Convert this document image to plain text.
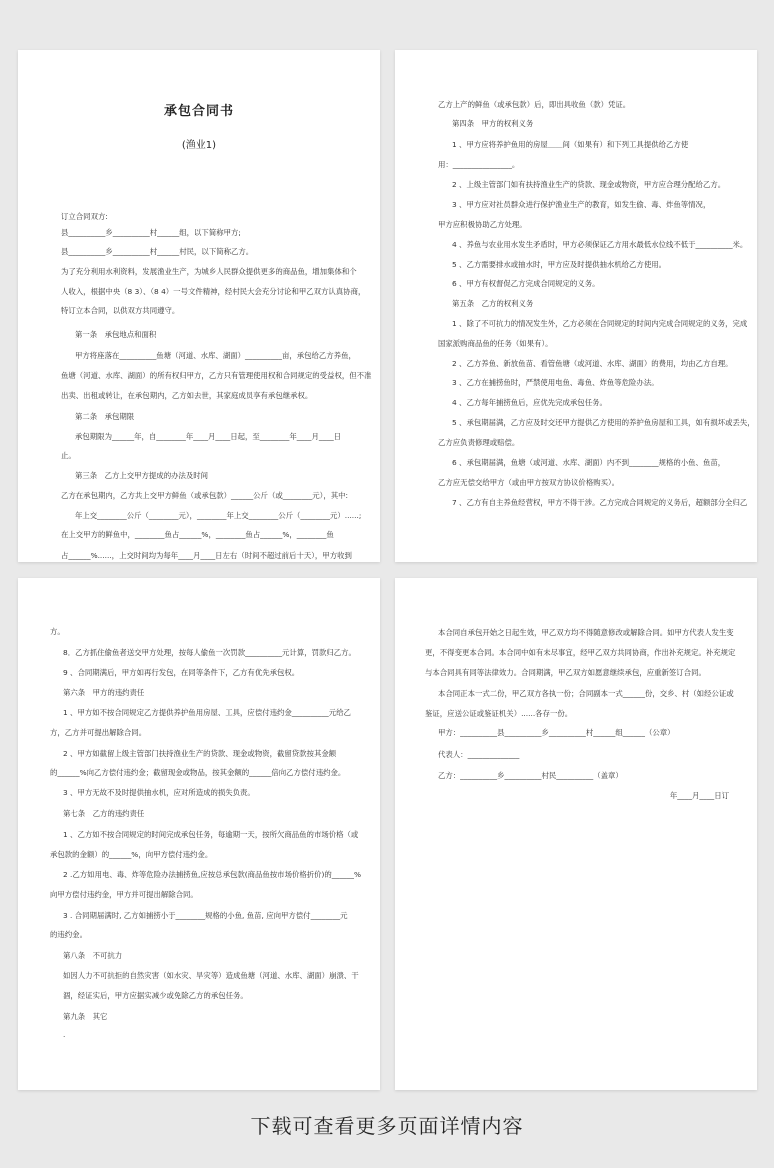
承包合同书
(渔业1)
订立合同双方:
县__________乡__________村______组，以下简称甲方;
县__________乡__________村______村民，以下简称乙方。
为了充分利用水利资料，发展渔业生产，为城乡人民群众提供更多的商品鱼，增加集体和个
人收入，根据中央（8 3）、（8 4）一号文件精神，经村民大会充分讨论和甲乙双方认真协商，
特订立本合同，以供双方共同遵守。
第一条　承包地点和面积
甲方将座落在__________鱼塘（河道、水库、湖面）__________亩，承包给乙方养鱼，
鱼塘（河道、水库、湖面）的所有权归甲方，乙方只有管理使用权和合同规定的受益权，但不准
出卖、出租或转让，在承包期内，乙方如去世，其家庭成员享有承包继承权。
第二条　承包期限
承包期限为______年，自________年____月____日起，至________年____月____日
止。
第三条　乙方上交甲方提成的办法及时间
乙方在承包期内，乙方共上交甲方鲜鱼（或承包款）______公斤（或________元），其中:
年上交________公斤（________元），________年上交________公斤（________元）......;
在上交甲方的鲜鱼中，________鱼占______%，________鱼占______%，________鱼
占______%......，上交时间均为每年____月____日左右（时间不超过前后十天），甲方收到
乙方上产的鲜鱼（或承包款）后，即出具收鱼（款）凭证。
第四条　甲方的权利义务
1 、甲方应将养护鱼用的房屋＿＿间（如果有）和下列工具提供给乙方使
用：________________。
2 、上级主管部门如有扶持渔业生产的贷款、现金或物资，甲方应合理分配给乙方。
3 、甲方应对社员群众进行保护渔业生产的教育，如发生偷、毒、炸鱼等情况，
甲方应积极协助乙方处理。
4 、养鱼与农业用水发生矛盾时，甲方必须保证乙方用水最低水位线不低于__________米。
5 、乙方需要排水或抽水时，甲方应及时提供抽水机给乙方使用。
6 、甲方有权督促乙方完成合同规定的义务。
第五条　乙方的权利义务
1 、除了不可抗力的情况发生外，乙方必须在合同规定的时间内完成合同规定的义务，完成
国家派购商品鱼的任务（如果有）。
2 、乙方养鱼、新放鱼苗、看管鱼塘（或河道、水库、湖面）的费用，均由乙方自理。
3 、乙方在捕捞鱼时，严禁使用电鱼、毒鱼、炸鱼等危险办法。
4 、乙方每年捕捞鱼后，应优先完成承包任务。
5 、承包期届满，乙方应及时交还甲方提供乙方使用的养护鱼房屋和工具，如有损坏或丢失，
乙方应负责修理或赔偿。
6 、承包期届满，鱼塘（或河道、水库、湖面）内不到________规格的小鱼、鱼苗，
乙方应无偿交给甲方（或由甲方按双方协议价格购买）。
7 、乙方有自主养鱼经营权，甲方不得干涉。乙方完成合同规定的义务后，超额部分全归乙
方。
8．乙方抓住偷鱼者送交甲方处理，按每人偷鱼一次罚款__________元计算，罚款归乙方。
9 、合同期满后，甲方如再行发包，在同等条件下，乙方有优先承包权。
第六条　甲方的违约责任
1 、甲方如不按合同规定乙方提供养护鱼用房屋、工具，应偿付违约金__________元给乙
方，乙方并可提出解除合同。
2 、甲方如截留上级主管部门扶持渔业生产的贷款、现金或物资，截留贷款按其金额
的______%向乙方偿付违约金；截留现金或物品，按其金额的______倍向乙方偿付违约金。
3 、甲方无故不及时提供抽水机，应对所造成的损失负责。
第七条　乙方的违约责任
1 、乙方如不按合同规定的时间完成承包任务，每逾期一天，按所欠商品鱼的市场价格（或
承包款的金额）的______%，向甲方偿付违约金。
2 .乙方如用电、毒、炸等危险办法捕捞鱼,应按总承包款(商品鱼按市场价格折价)的______%
向甲方偿付违约金，甲方并可提出解除合同。
3 . 合同期届满时, 乙方如捕捞小于________规格的小鱼, 鱼苗, 应向甲方偿付________元
的违约金。
第八条　不可抗力
如因人力不可抗拒的自然灾害（如水灾、旱灾等）造成鱼塘（河道、水库、湖面）崩溃、干
涸，经证实后，甲方应据实减少或免除乙方的承包任务。
第九条　其它
.
本合同自承包开始之日起生效，甲乙双方均不得随意修改或解除合同。如甲方代表人发生变
更，不得变更本合同。本合同中如有未尽事宜，经甲乙双方共同协商，作出补充规定。补充规定
与本合同具有同等法律效力。合同期满，甲乙双方如愿意继续承包，应重新签订合同。
本合同正本一式二份，甲乙双方各执一份；合同副本一式______份，交乡、村（如经公证或
鉴证，应送公证或鉴证机关）......各存一份。
甲方：__________县__________乡__________村______组______（公章）
代表人：______________
乙方：__________乡__________村民__________（盖章）
年____月____日订
下载可查看更多页面详情内容
